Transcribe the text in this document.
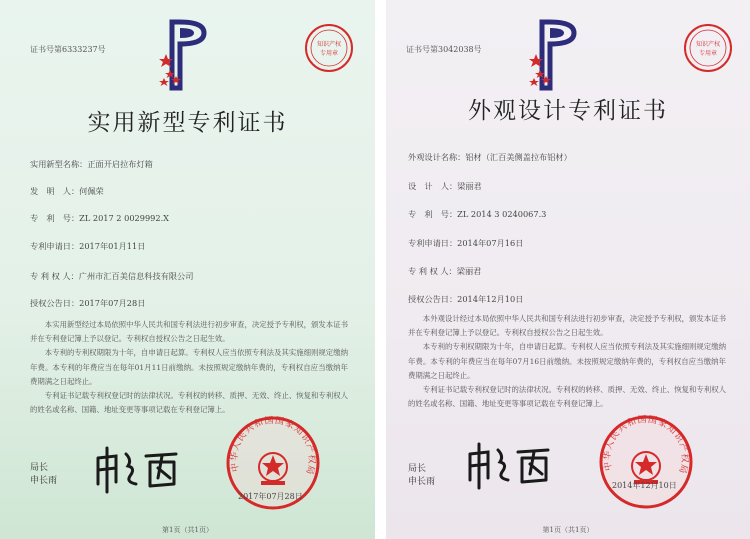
证书号第6333237号
知识产权
专用章
实用新型专利证书
实用新型名称：正面开启拉布灯箱
发　明　人：何佩荣
专　利　号：ZL 2017 2 0029992.X
专利申请日：2017年01月11日
专 利 权 人：广州市汇百美信息科技有限公司
授权公告日：2017年07月28日

本实用新型经过本局依照中华人民共和国专利法进行初步审查，决定授予专利权，颁发本证书并在专利登记簿上予以登记。专利权自授权公告之日起生效。

本专利的专利权期限为十年，自申请日起算。专利权人应当依照专利法及其实施细则规定缴纳年费。本专利的年费应当在每年01月11日前缴纳。未按照规定缴纳年费的，专利权自应当缴纳年费期满之日起终止。

专利证书记载专利权登记时的法律状况。专利权的转移、质押、无效、终止、恢复和专利权人的姓名或名称、国籍、地址变更等事项记载在专利登记簿上。

局长
申长雨
中华人民共和国国家知识产权局
2017年07月28日
第1页（共1页）
证书号第3042038号
知识产权
专用章
外观设计专利证书
外观设计名称：铝材（汇百美侧盖拉布铝材）
设　计　人：梁丽君
专　利　号：ZL 2014 3 0240067.3
专利申请日：2014年07月16日
专 利 权 人：梁丽君
授权公告日：2014年12月10日

本外观设计经过本局依照中华人民共和国专利法进行初步审查，决定授予专利权，颁发本证书并在专利登记簿上予以登记。专利权自授权公告之日起生效。

本专利的专利权期限为十年，自申请日起算。专利权人应当依照专利法及其实施细则规定缴纳年费。本专利的年费应当在每年07月16日前缴纳。未按照规定缴纳年费的，专利权自应当缴纳年费期满之日起终止。

专利证书记载专利权登记时的法律状况。专利权的转移、质押、无效、终止、恢复和专利权人的姓名或名称、国籍、地址变更等事项记载在专利登记簿上。

局长
申长雨
中华人民共和国国家知识产权局
2014年12月10日
第1页（共1页）
